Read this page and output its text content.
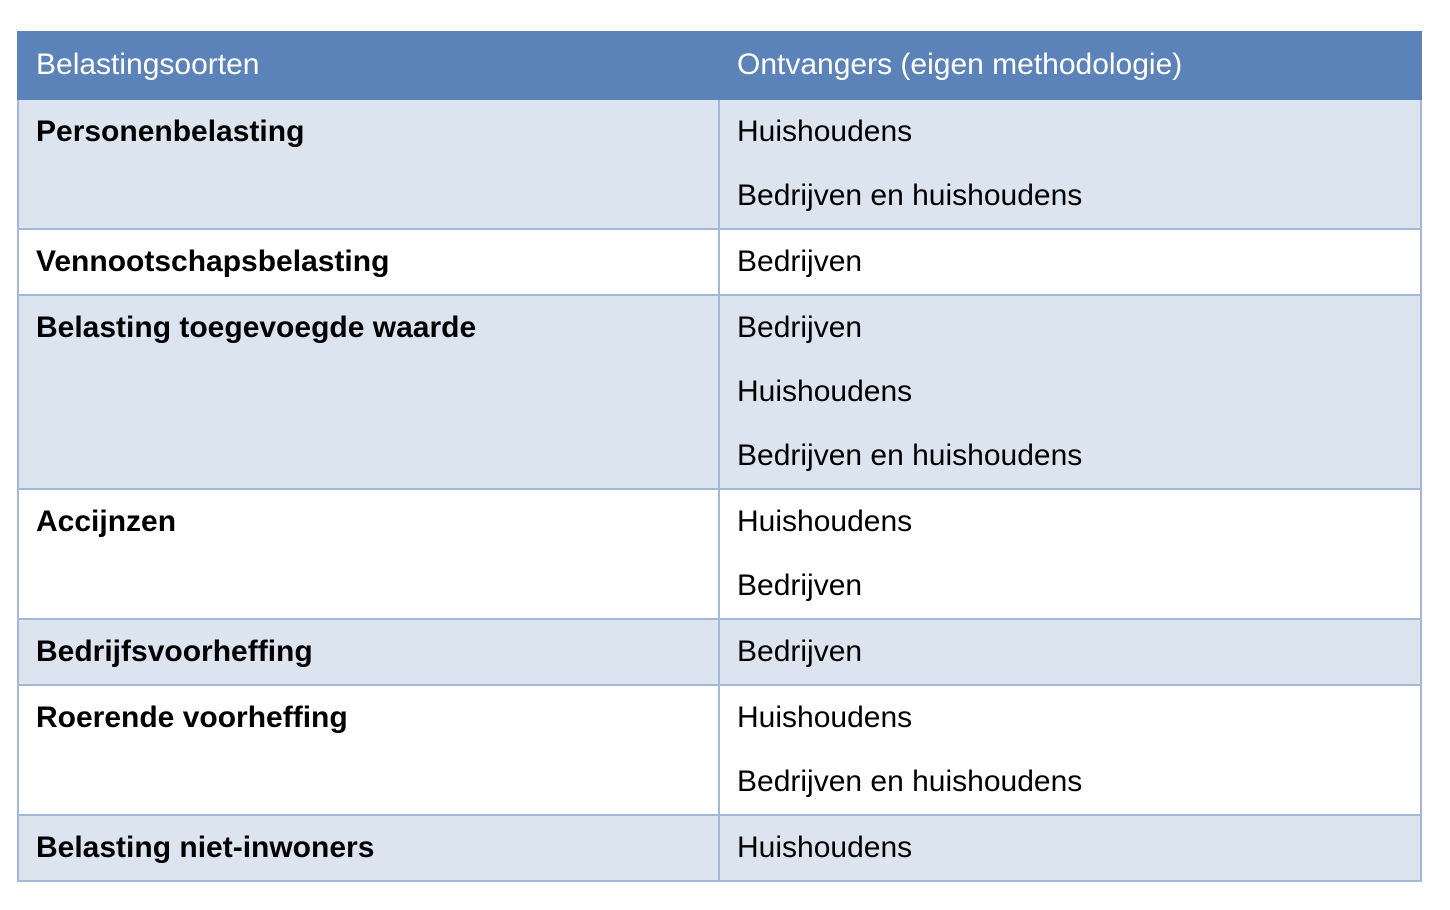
Belastingsoorten	Ontvangers (eigen methodologie)

Personenbelasting	Huishoudens
Bedrijven en huishoudens

Vennootschapsbelasting	Bedrijven

Belasting toegevoegde waarde	Bedrijven
Huishoudens
Bedrijven en huishoudens

Accijnzen	Huishoudens
Bedrijven

Bedrijfsvoorheffing	Bedrijven

Roerende voorheffing	Huishoudens
Bedrijven en huishoudens

Belasting niet-inwoners	Huishoudens
